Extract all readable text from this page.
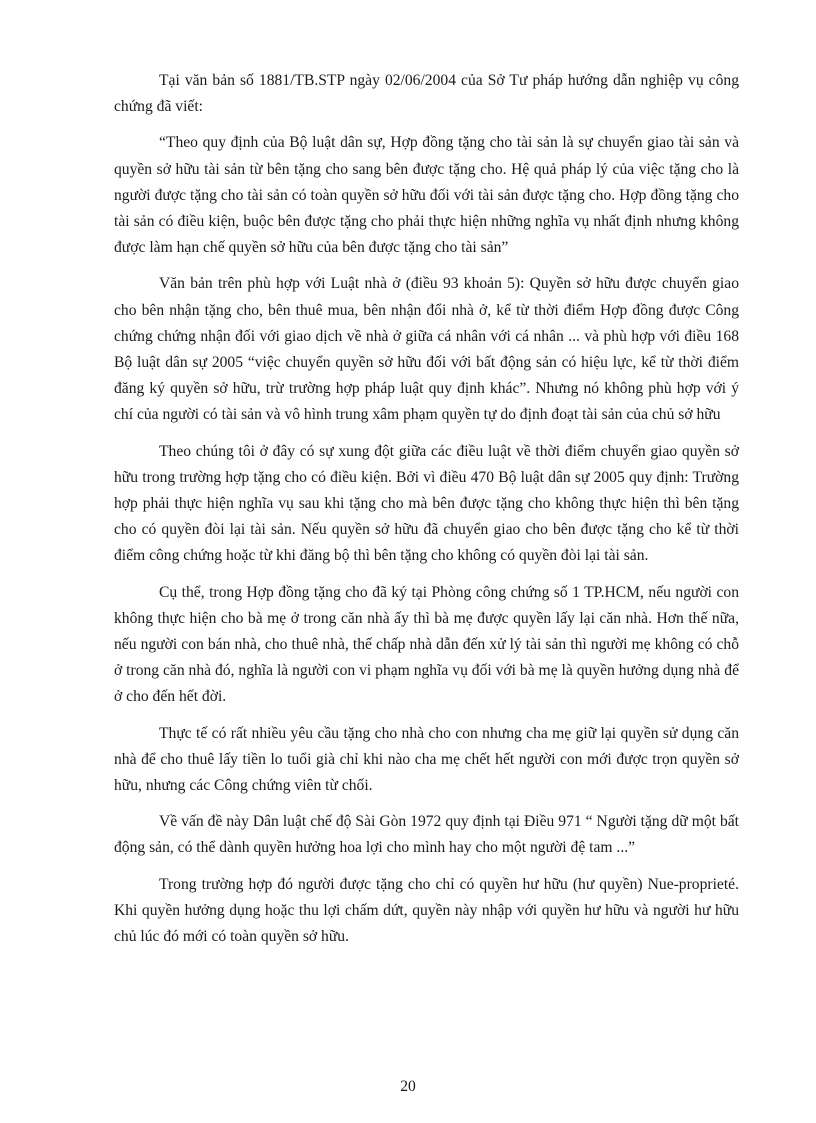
Tại văn bản số 1881/TB.STP ngày 02/06/2004 của Sở Tư pháp hướng dẫn nghiệp vụ công chứng đã viết:

“Theo quy định của Bộ luật dân sự, Hợp đồng tặng cho tài sản là sự chuyển giao tài sản và quyền sở hữu tài sản từ bên tặng cho sang bên được tặng cho. Hệ quả pháp lý của việc tặng cho là người được tặng cho tài sản có toàn quyền sở hữu đối với tài sản được tặng cho. Hợp đồng tặng cho tài sản có điều kiện, buộc bên được tặng cho phải thực hiện những nghĩa vụ nhất định nhưng không được làm hạn chế quyền sở hữu của bên được tặng cho tài sản”

Văn bản trên phù hợp với Luật nhà ở (điều 93 khoản 5): Quyền sở hữu được chuyển giao cho bên nhận tặng cho, bên thuê mua, bên nhận đổi nhà ở, kể từ thời điểm Hợp đồng được Công chứng chứng nhận đối với giao dịch về nhà ở giữa cá nhân với cá nhân ... và phù hợp với điều 168 Bộ luật dân sự 2005 “việc chuyển quyền sở hữu đối với bất động sản có hiệu lực, kể từ thời điểm đăng ký quyền sở hữu, trừ trường hợp pháp luật quy định khác”. Nhưng nó không phù hợp với ý chí của người có tài sản và vô hình trung xâm phạm quyền tự do định đoạt tài sản của chủ sở hữu

Theo chúng tôi ở đây có sự xung đột giữa các điều luật về thời điểm chuyển giao quyền sở hữu trong trường hợp tặng cho có điều kiện. Bởi vì điều 470 Bộ luật dân sự 2005 quy định: Trường hợp phải thực hiện nghĩa vụ sau khi tặng cho mà bên được tặng cho không thực hiện thì bên tặng cho có quyền đòi lại tài sản. Nếu quyền sở hữu đã chuyển giao cho bên được tặng cho kể từ thời điểm công chứng hoặc từ khi đăng bộ thì bên tặng cho không có quyền đòi lại tài sản.

Cụ thể, trong Hợp đồng tặng cho đã ký tại Phòng công chứng số 1 TP.HCM, nếu người con không thực hiện cho bà mẹ ở trong căn nhà ấy thì bà mẹ được quyền lấy lại căn nhà. Hơn thế nữa, nếu người con bán nhà, cho thuê nhà, thế chấp nhà dẫn đến xử lý tài sản thì người mẹ không có chỗ ở trong căn nhà đó, nghĩa là người con vi phạm nghĩa vụ đối với bà mẹ là quyền hưởng dụng nhà để ở cho đến hết đời.

Thực tế có rất nhiều yêu cầu tặng cho nhà cho con nhưng cha mẹ giữ lại quyền sử dụng căn nhà để cho thuê lấy tiền lo tuổi già chỉ khi nào cha mẹ chết hết người con mới được trọn quyền sở hữu, nhưng các Công chứng viên từ chối.

Về vấn đề này Dân luật chế độ Sài Gòn 1972 quy định tại Điều 971 “ Người tặng dữ một bất động sản, có thể dành quyền hưởng hoa lợi cho mình hay cho một người đệ tam ...”

Trong trường hợp đó người được tặng cho chỉ có quyền hư hữu (hư quyền) Nue-proprieté. Khi quyền hưởng dụng hoặc thu lợi chấm dứt, quyền này nhập với quyền hư hữu và người hư hữu chủ lúc đó mới có toàn quyền sở hữu.

20
